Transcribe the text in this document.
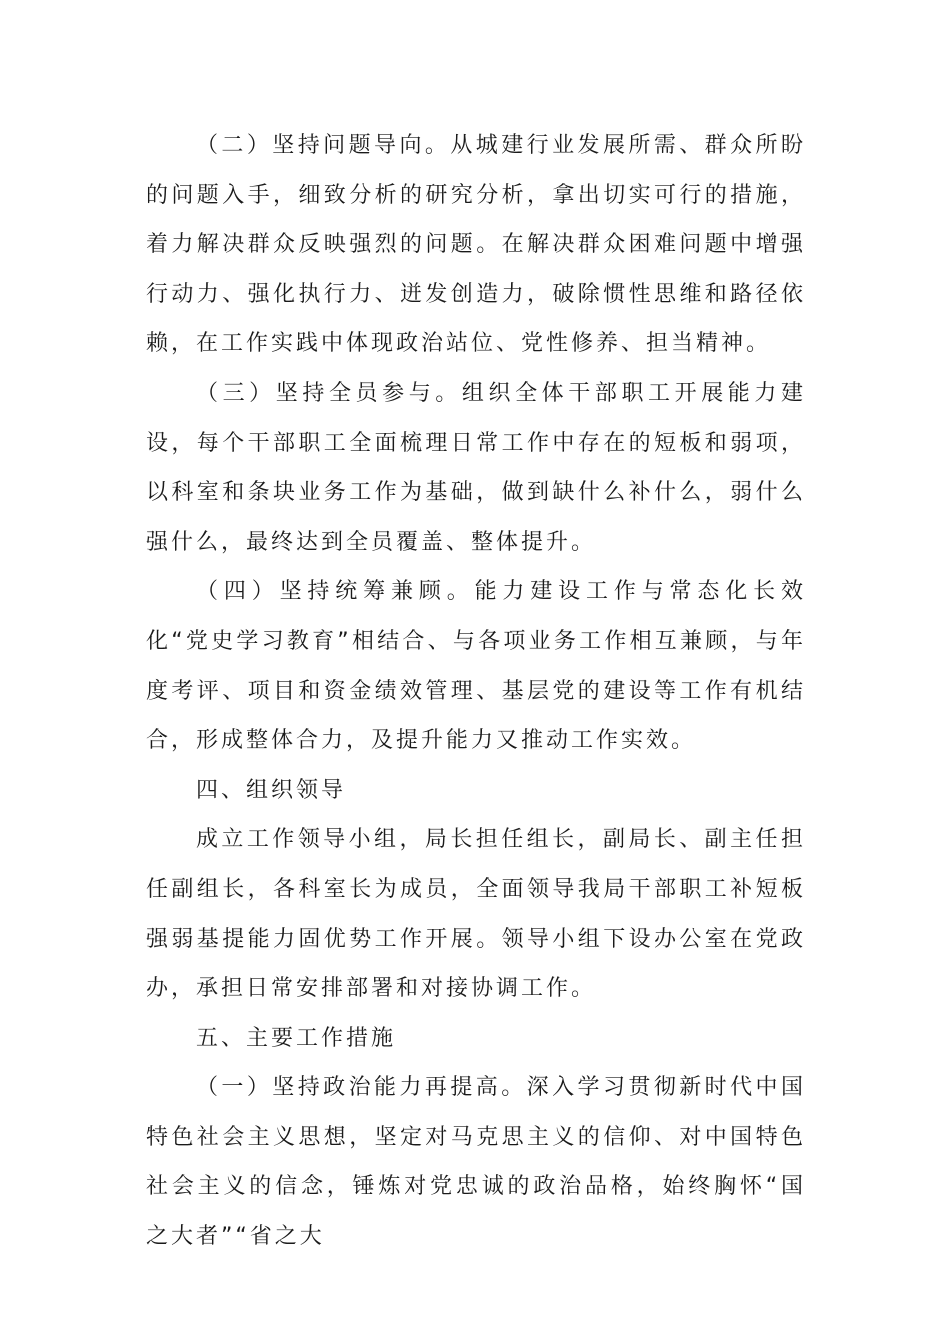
（二）坚持问题导向。从城建行业发展所需、群众所盼的问题入手，细致分析的研究分析，拿出切实可行的措施，着力解决群众反映强烈的问题。在解决群众困难问题中增强行动力、强化执行力、迸发创造力，破除惯性思维和路径依赖，在工作实践中体现政治站位、党性修养、担当精神。

（三）坚持全员参与。组织全体干部职工开展能力建设，每个干部职工全面梳理日常工作中存在的短板和弱项，以科室和条块业务工作为基础，做到缺什么补什么，弱什么强什么，最终达到全员覆盖、整体提升。

（四）坚持统筹兼顾。能力建设工作与常态化长效化“党史学习教育”相结合、与各项业务工作相互兼顾，与年度考评、项目和资金绩效管理、基层党的建设等工作有机结合，形成整体合力，及提升能力又推动工作实效。

四、组织领导

成立工作领导小组，局长担任组长，副局长、副主任担任副组长，各科室长为成员，全面领导我局干部职工补短板强弱基提能力固优势工作开展。领导小组下设办公室在党政办，承担日常安排部署和对接协调工作。

五、主要工作措施

（一）坚持政治能力再提高。深入学习贯彻新时代中国特色社会主义思想，坚定对马克思主义的信仰、对中国特色社会主义的信念，锤炼对党忠诚的政治品格，始终胸怀“国之大者”“省之大
